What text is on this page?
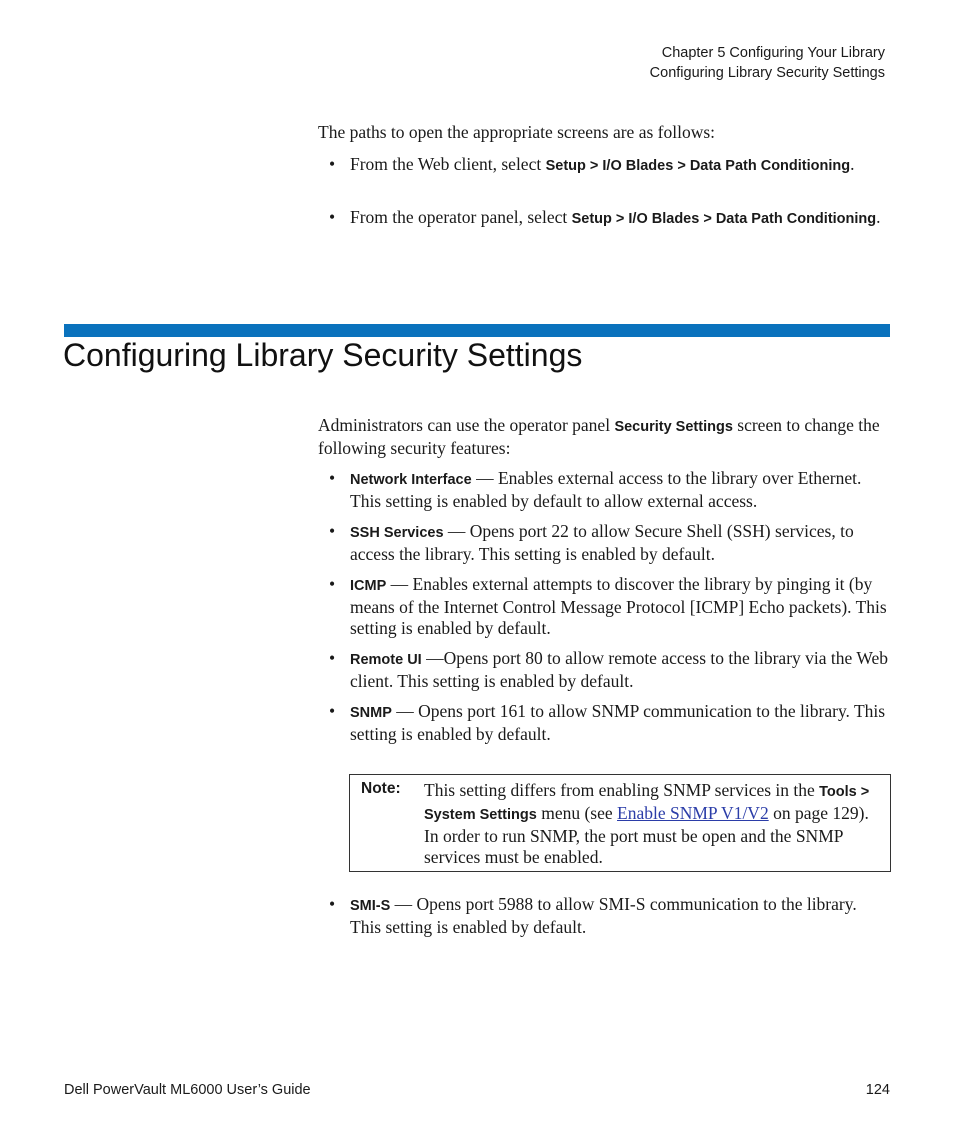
Chapter 5 Configuring Your Library
Configuring Library Security Settings
The paths to open the appropriate screens are as follows:
• From the Web client, select Setup > I/O Blades > Data Path Conditioning.
• From the operator panel, select Setup > I/O Blades > Data Path Conditioning.
Configuring Library Security Settings
Administrators can use the operator panel Security Settings screen to change the following security features:
• Network Interface — Enables external access to the library over Ethernet. This setting is enabled by default to allow external access.
• SSH Services — Opens port 22 to allow Secure Shell (SSH) services, to access the library. This setting is enabled by default.
• ICMP — Enables external attempts to discover the library by pinging it (by means of the Internet Control Message Protocol [ICMP] Echo packets). This setting is enabled by default.
• Remote UI —Opens port 80 to allow remote access to the library via the Web client. This setting is enabled by default.
• SNMP — Opens port 161 to allow SNMP communication to the library. This setting is enabled by default.
Note: This setting differs from enabling SNMP services in the Tools > System Settings menu (see Enable SNMP V1/V2 on page 129). In order to run SNMP, the port must be open and the SNMP services must be enabled.
• SMI-S — Opens port 5988 to allow SMI-S communication to the library. This setting is enabled by default.
Dell PowerVault ML6000 User’s Guide	124
